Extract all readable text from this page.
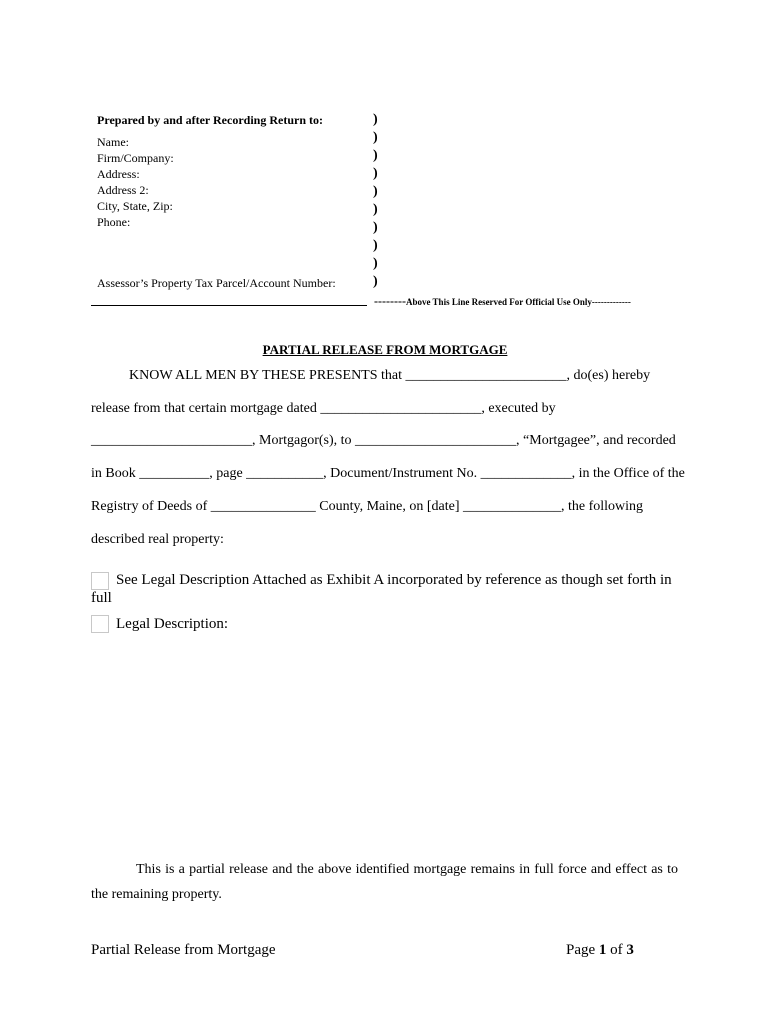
Prepared by and after Recording Return to:
Name:
Firm/Company:
Address:
Address 2:
City, State, Zip:
Phone:
Assessor’s Property Tax Parcel/Account Number:
)
)
)
)
)
)
)
)
)
)
--------Above This Line Reserved For Official Use Only-------------
PARTIAL RELEASE FROM MORTGAGE
KNOW ALL MEN BY THESE PRESENTS that _______________________, do(es) hereby
release from that certain mortgage dated _______________________, executed by
_______________________, Mortgagor(s), to _______________________, “Mortgagee”, and recorded
in Book __________, page ___________, Document/Instrument No. _____________, in the Office of the
Registry of Deeds of _______________ County, Maine, on [date] ______________, the following
described real property:
See Legal Description Attached as Exhibit A incorporated by reference as though set forth in
full
Legal Description:
This is a partial release and the above identified mortgage remains in full force and effect as to the remaining property.
Partial Release from Mortgage	Page 1 of 3
